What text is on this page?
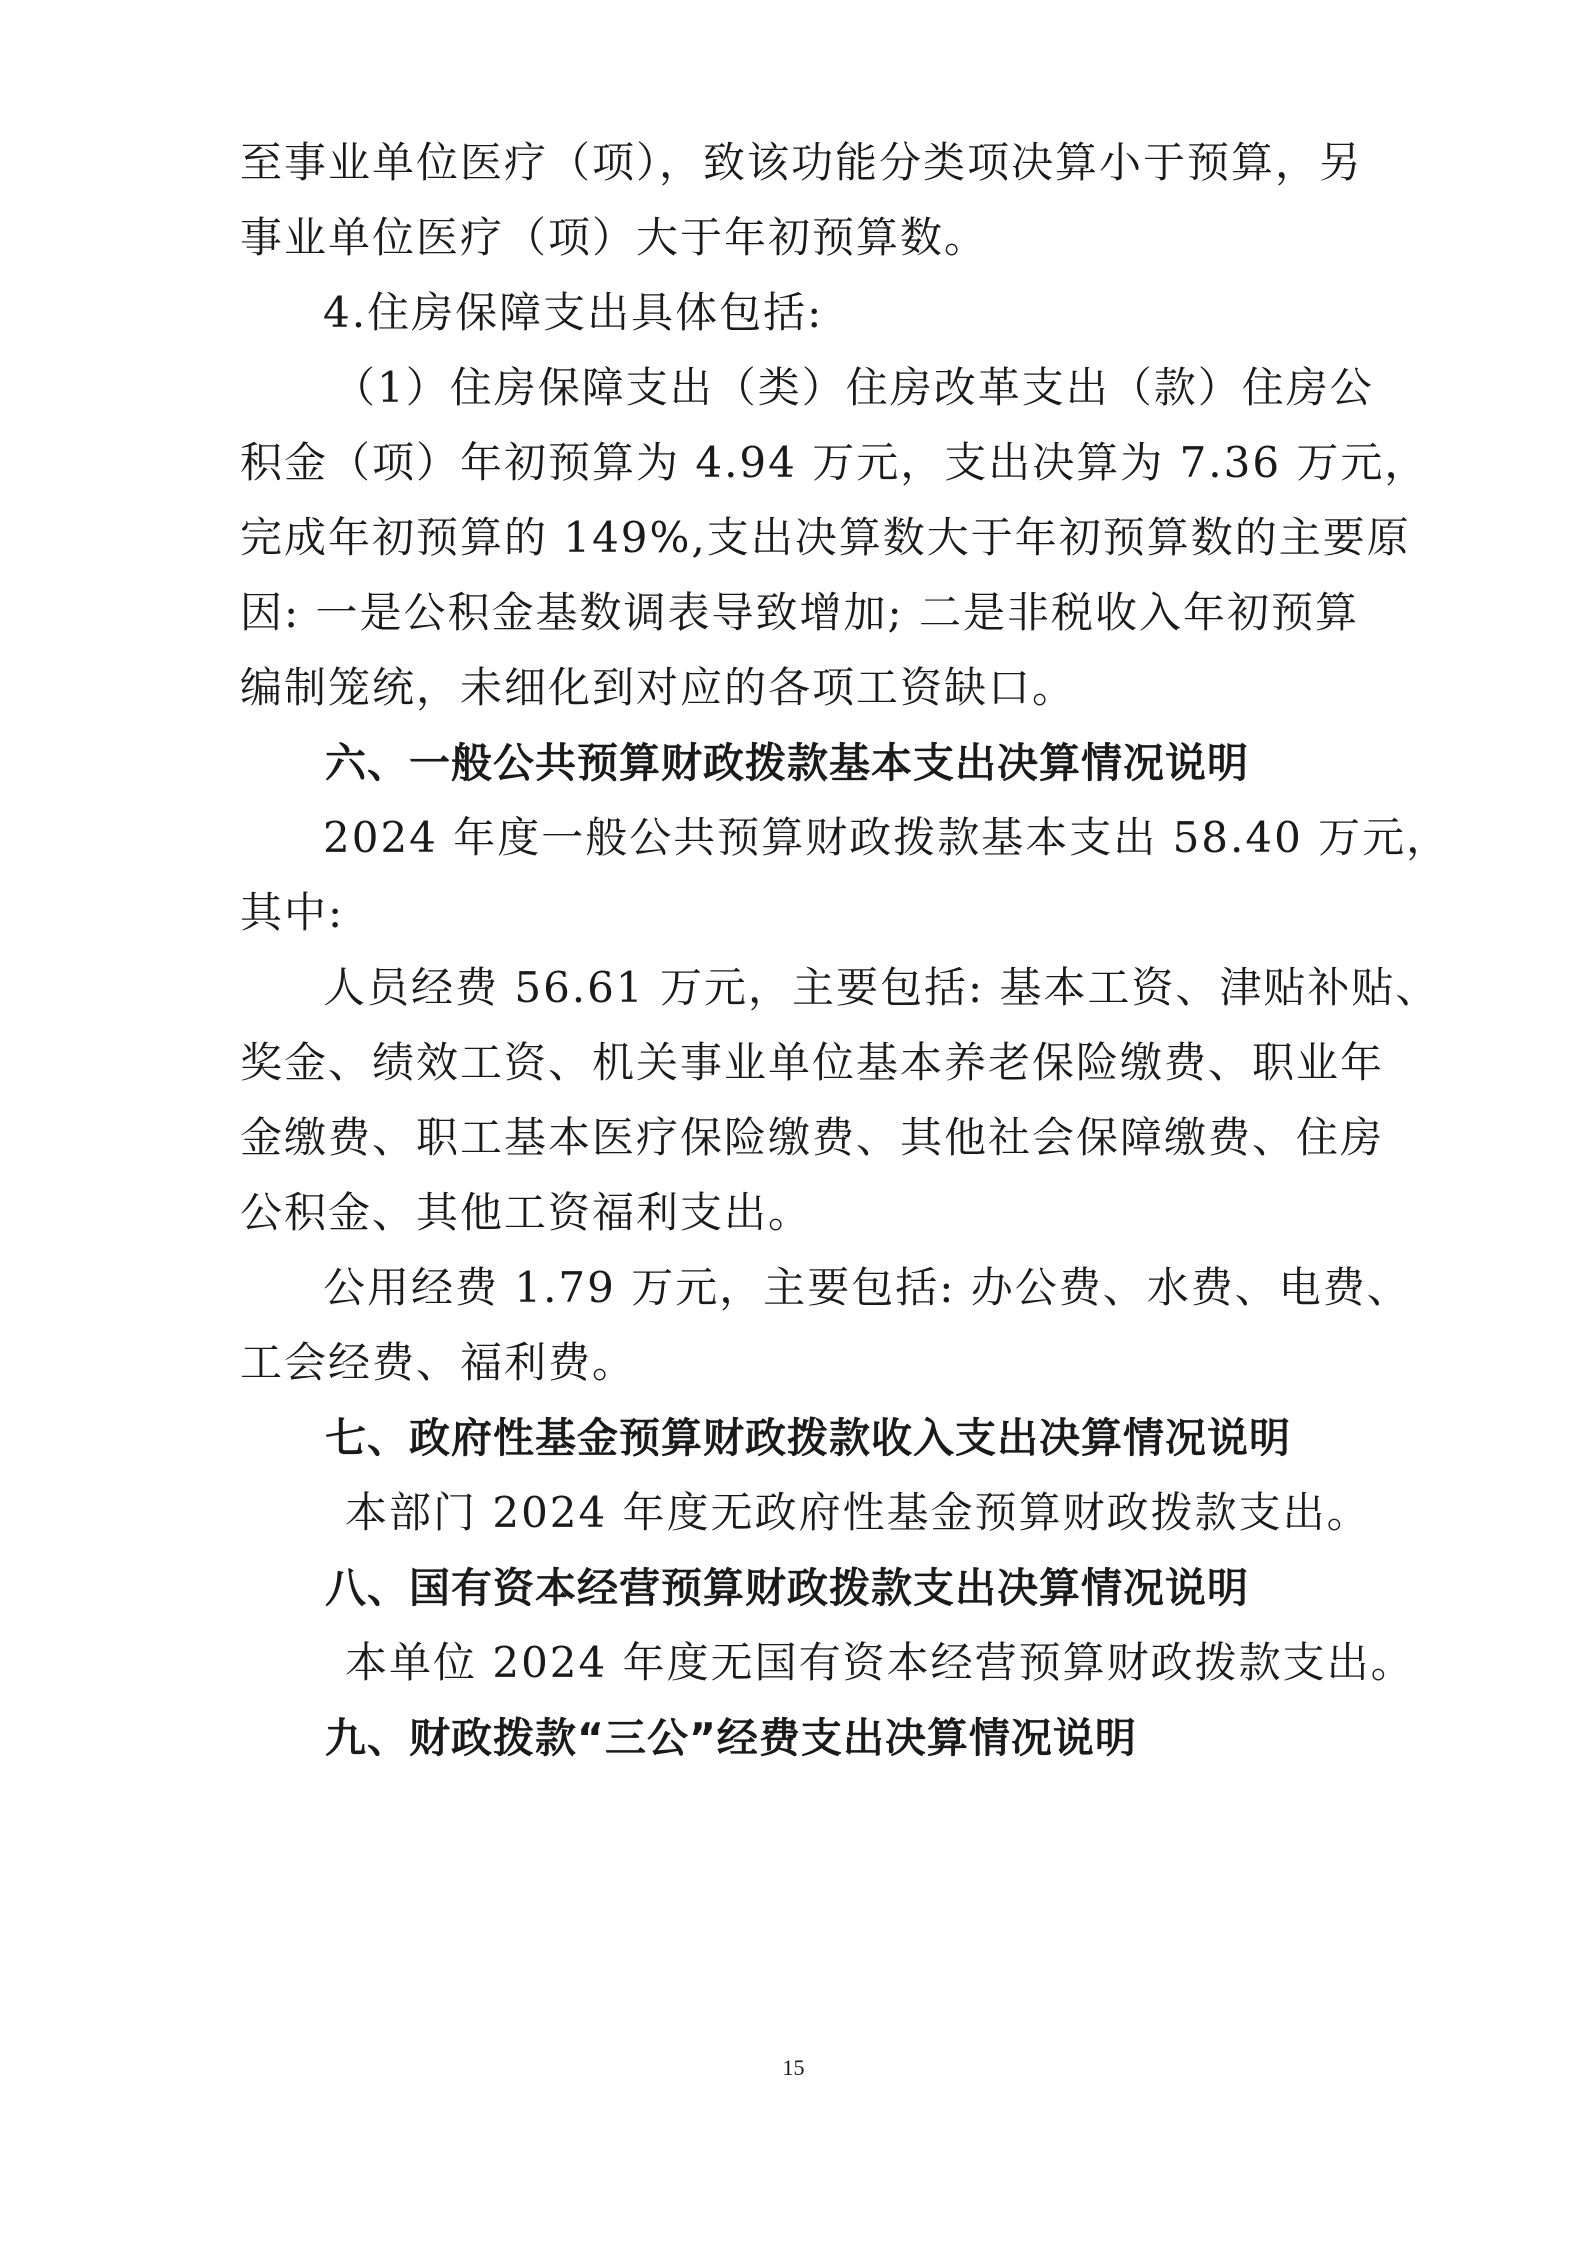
至事业单位医疗（项），致该功能分类项决算小于预算，另
事业单位医疗（项）大于年初预算数。
4.住房保障支出具体包括:
（1）住房保障支出（类）住房改革支出（款）住房公
积金（项）年初预算为 4.94 万元，支出决算为 7.36 万元，
完成年初预算的 149%,支出决算数大于年初预算数的主要原
因: 一是公积金基数调表导致增加; 二是非税收入年初预算
编制笼统，未细化到对应的各项工资缺口。
六、一般公共预算财政拨款基本支出决算情况说明
2024 年度一般公共预算财政拨款基本支出 58.40 万元，
其中:
人员经费 56.61 万元，主要包括: 基本工资、津贴补贴、
奖金、绩效工资、机关事业单位基本养老保险缴费、职业年
金缴费、职工基本医疗保险缴费、其他社会保障缴费、住房
公积金、其他工资福利支出。
公用经费 1.79 万元，主要包括: 办公费、水费、电费、
工会经费、福利费。
七、政府性基金预算财政拨款收入支出决算情况说明
本部门 2024 年度无政府性基金预算财政拨款支出。
八、国有资本经营预算财政拨款支出决算情况说明
本单位 2024 年度无国有资本经营预算财政拨款支出。
九、财政拨款“三公”经费支出决算情况说明
15
